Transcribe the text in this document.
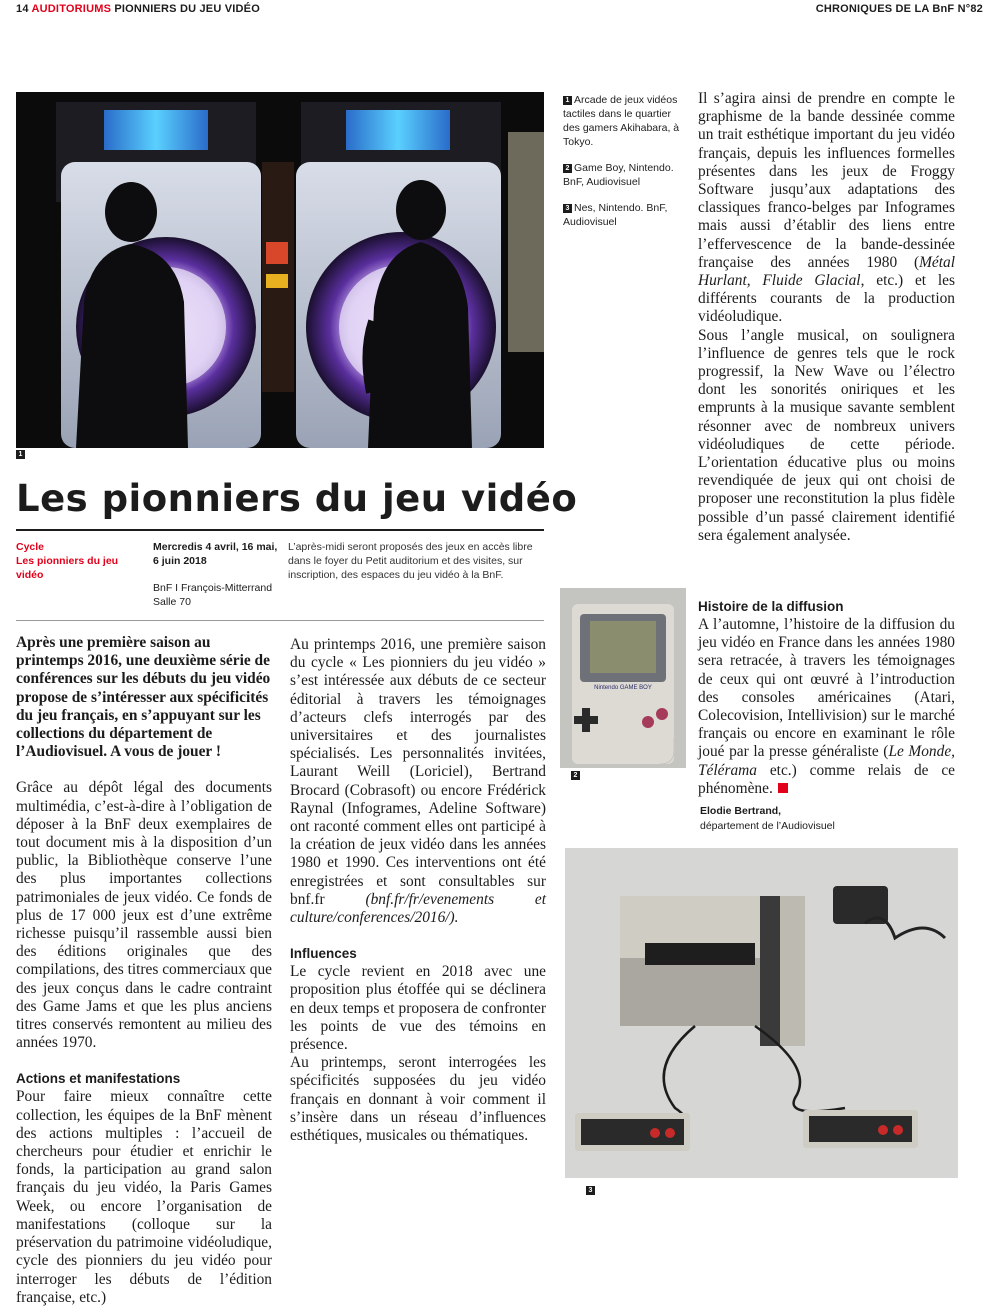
14 AUDITORIUMS PIONNIERS DU JEU VIDÉO	CHRONIQUES DE LA BnF N°82
1
1 Arcade de jeux vidéos tactiles dans le quartier des gamers Akihabara, à Tokyo.
2 Game Boy, Nintendo. BnF, Audiovisuel
3 Nes, Nintendo. BnF, Audiovisuel
Les pionniers du jeu vidéo
Cycle
Les pionniers du jeu vidéo
Mercredis 4 avril, 16 mai, 6 juin 2018
BnF I François-Mitterrand
Salle 70
L’après-midi seront proposés des jeux en accès libre dans le foyer du Petit auditorium et des visites, sur inscription, des espaces du jeu vidéo à la BnF.

Après une première saison au printemps 2016, une deuxième série de conférences sur les débuts du jeu vidéo propose de s’intéresser aux spécificités du jeu français, en s’appuyant sur les collections du département de l’Audiovisuel. A vous de jouer !

Grâce au dépôt légal des documents multimédia, c’est-à-dire à l’obligation de déposer à la BnF deux exemplaires de tout document mis à la disposition d’un public, la Bibliothèque conserve l’une des plus importantes collections patrimoniales de jeux vidéo. Ce fonds de plus de 17 000 jeux est d’une extrême richesse puisqu’il rassemble aussi bien des éditions originales que des compilations, des titres commerciaux que des jeux conçus dans le cadre contraint des Game Jams et que les plus anciens titres conservés remontent au milieu des années 1970.

Actions et manifestations

Pour faire mieux connaître cette collection, les équipes de la BnF mènent des actions multiples : l’accueil de chercheurs pour étudier et enrichir le fonds, la participation au grand salon français du jeu vidéo, la Paris Games Week, ou encore l’organisation de manifestations (colloque sur la préservation du patrimoine vidéoludique, cycle des pionniers du jeu vidéo pour interroger les débuts de l’édition française, etc.)

Au printemps 2016, une première saison du cycle « Les pionniers du jeu vidéo » s’est intéressée aux débuts de ce secteur éditorial à travers les témoignages d’acteurs clefs interrogés par des universitaires et des journalistes spécialisés. Les personnalités invitées, Laurant Weill (Loriciel), Bertrand Brocard (Cobrasoft) ou encore Frédérick Raynal (Infogrames, Adeline Software) ont raconté comment elles ont participé à la création de jeux vidéo dans les années 1980 et 1990. Ces interventions ont été enregistrées et sont consultables sur bnf.fr	(bnf.fr/fr/evenements et culture/conferences/2016/).

Influences

Le cycle revient en 2018 avec une proposition plus étoffée qui se déclinera en deux temps et proposera de confronter les points de vue des témoins en présence.

Au printemps, seront interrogées les spécificités supposées du jeu vidéo français en donnant à voir comment il s’insère dans un réseau d’influences esthétiques, musicales ou thématiques.

Il s’agira ainsi de prendre en compte le graphisme de la bande dessinée comme un trait esthétique important du jeu vidéo français, depuis les influences formelles présentes dans les jeux de Froggy Software jusqu’aux adaptations des classiques franco-belges par Infogrames mais aussi d’établir des liens entre l’effervescence de la bande-dessinée française des années 1980 (Métal Hurlant, Fluide Glacial, etc.) et les différents courants de la production vidéoludique.

Sous l’angle musical, on soulignera l’influence de genres tels que le rock progressif, la New Wave ou l’électro dont les sonorités oniriques et les emprunts à la musique savante semblent résonner avec de nombreux univers vidéoludiques de cette période. L’orientation éducative plus ou moins revendiquée de jeux qui ont choisi de proposer une reconstitution la plus fidèle possible d’un passé clairement identifié sera également analysée.

Histoire de la diffusion

A l’automne, l’histoire de la diffusion du jeu vidéo en France dans les années 1980 sera retracée, à travers les témoignages de ceux qui ont œuvré à l’introduction des consoles américaines (Atari, Colecovision, Intellivision) sur le marché français ou encore en examinant le rôle joué par la presse généraliste (Le Monde, Télérama etc.) comme relais de ce phénomène.

Elodie Bertrand,
département de l’Audiovisuel
Nintendo GAME BOY
2
3
